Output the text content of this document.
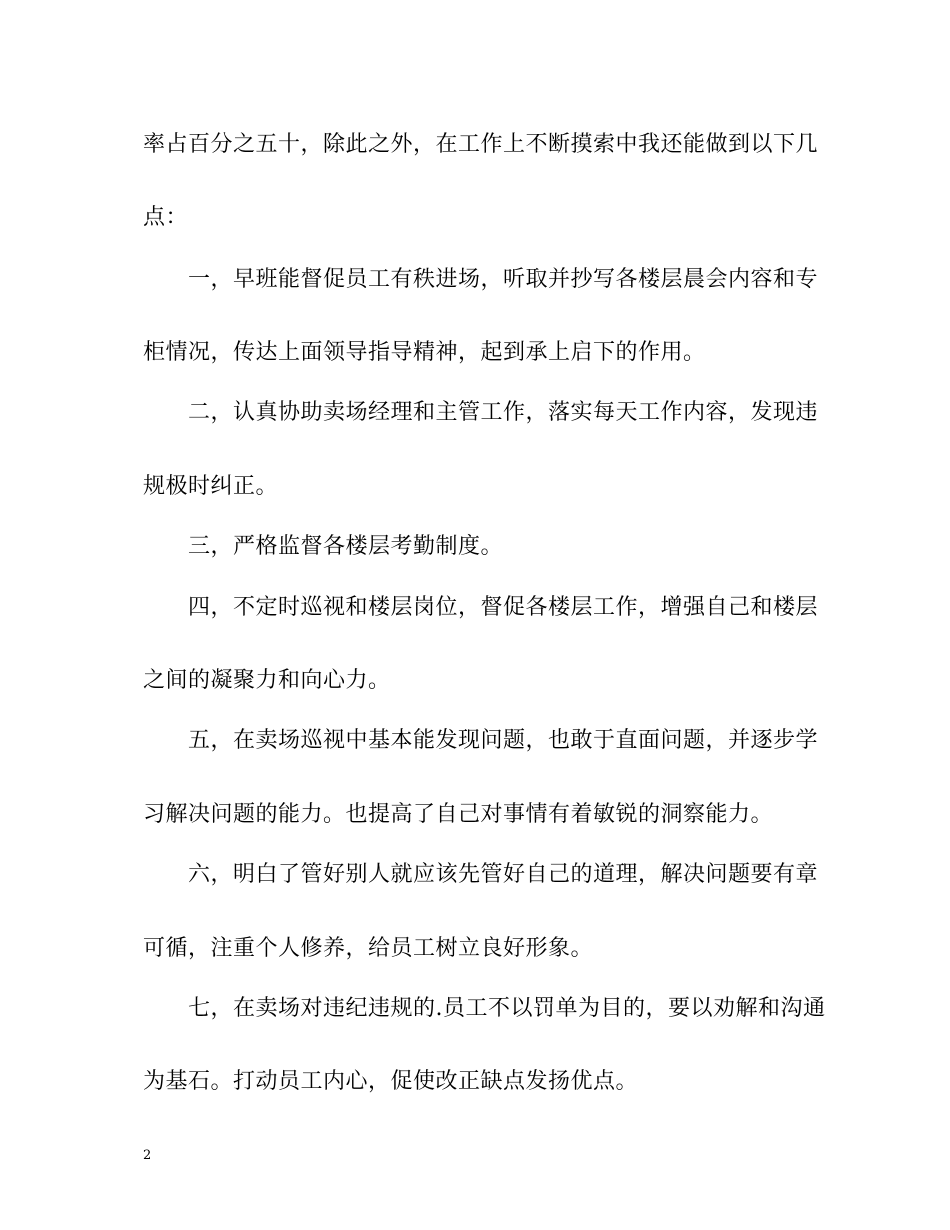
率占百分之五十，除此之外，在工作上不断摸索中我还能做到以下几
点：
一，早班能督促员工有秩进场，听取并抄写各楼层晨会内容和专
柜情况，传达上面领导指导精神，起到承上启下的作用。
二，认真协助卖场经理和主管工作，落实每天工作内容，发现违
规极时纠正。
三，严格监督各楼层考勤制度。
四，不定时巡视和楼层岗位，督促各楼层工作，增强自己和楼层
之间的凝聚力和向心力。
五，在卖场巡视中基本能发现问题，也敢于直面问题，并逐步学
习解决问题的能力。也提高了自己对事情有着敏锐的洞察能力。
六，明白了管好别人就应该先管好自己的道理，解决问题要有章
可循，注重个人修养，给员工树立良好形象。
七，在卖场对违纪违规的.员工不以罚单为目的，要以劝解和沟通
为基石。打动员工内心，促使改正缺点发扬优点。
2
